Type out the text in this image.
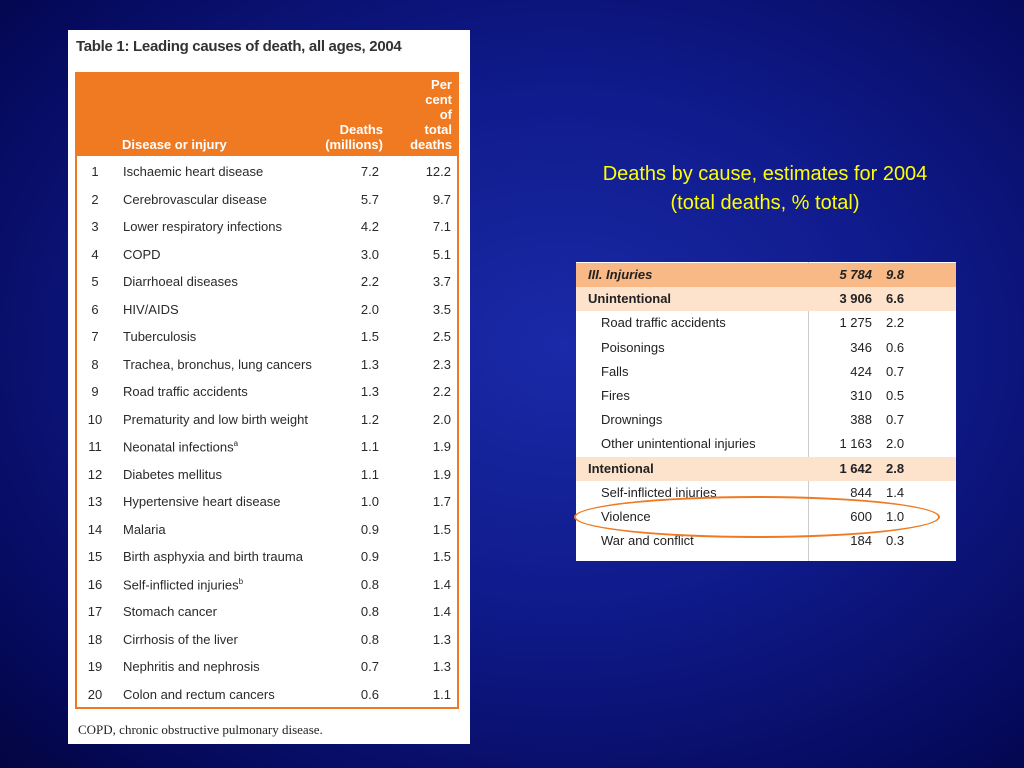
Table 1: Leading causes of death, all ages, 2004
Disease or injury
Deaths
(millions)
Per cent
of
total
deaths
1	Ischaemic heart disease	7.2	12.2
2	Cerebrovascular disease	5.7	9.7
3	Lower respiratory infections	4.2	7.1
4	COPD	3.0	5.1
5	Diarrhoeal diseases	2.2	3.7
6	HIV/AIDS	2.0	3.5
7	Tuberculosis	1.5	2.5
8	Trachea, bronchus, lung cancers	1.3	2.3
9	Road traffic accidents	1.3	2.2
10 Prematurity and low birth weight	1.2	2.0
11 Neonatal infections$^a$	1.1	1.9
12 Diabetes mellitus	1.1	1.9
13 Hypertensive heart disease	1.0	1.7
14 Malaria	0.9	1.5
15 Birth asphyxia and birth trauma	0.9	1.5
16 Self-inflicted injuries$^b$	0.8	1.4
17 Stomach cancer	0.8	1.4
18 Cirrhosis of the liver	0.8	1.3
19 Nephritis and nephrosis	0.7	1.3
20 Colon and rectum cancers	0.6	1.1
COPD, chronic obstructive pulmonary disease.
Deaths by cause, estimates for 2004
(total deaths, % total)
III. Injuries	5 784 9.8
Unintentional	3 906 6.6
Road traffic accidents	1 275 2.2
Poisonings	346 0.6
Falls	424 0.7
Fires	310 0.5
Drownings	388 0.7
Other unintentional injuries	1 163 2.0
Intentional	1 642 2.8
Self-inflicted injuries	844 1.4
Violence	600 1.0
War and conflict	184 0.3
